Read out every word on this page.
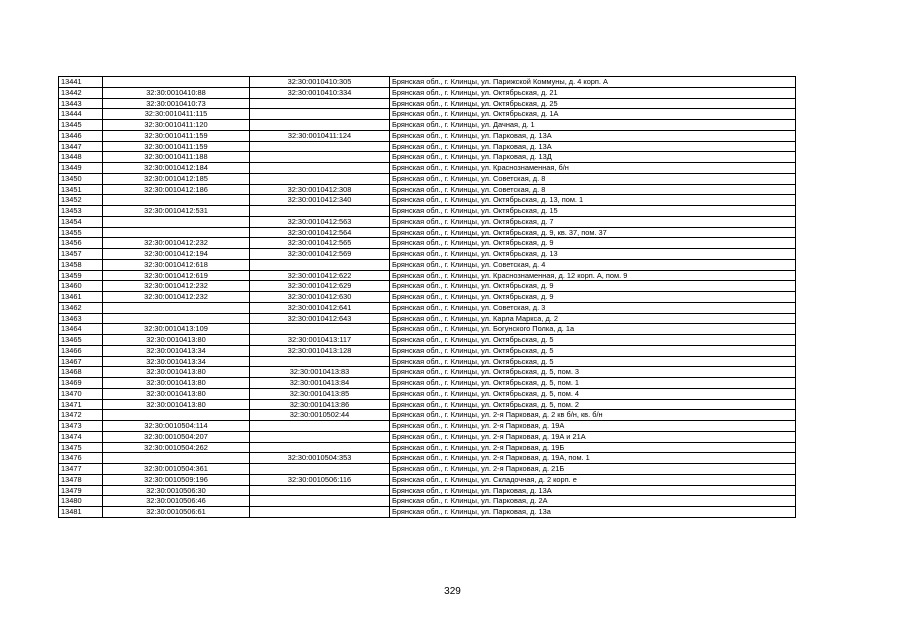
13441		32:30:0010410:305	Брянская обл., г. Клинцы, ул. Парижской Коммуны, д. 4 корп. А
13442	32:30:0010410:88	32:30:0010410:334	Брянская обл., г. Клинцы, ул. Октябрьская, д. 21
13443	32:30:0010410:73		Брянская обл., г. Клинцы, ул. Октябрьская, д. 25
13444	32:30:0010411:115		Брянская обл., г. Клинцы, ул. Октябрьская, д. 1А
13445	32:30:0010411:120		Брянская обл., г. Клинцы, ул. Дачная, д. 1
13446	32:30:0010411:159	32:30:0010411:124	Брянская обл., г. Клинцы, ул. Парковая, д. 13А
13447	32:30:0010411:159		Брянская обл., г. Клинцы, ул. Парковая, д. 13А
13448	32:30:0010411:188		Брянская обл., г. Клинцы, ул. Парковая, д. 13Д
13449	32:30:0010412:184		Брянская обл., г. Клинцы, ул. Краснознаменная, б/н
13450	32:30:0010412:185		Брянская обл., г. Клинцы, ул. Советская, д. 8
13451	32:30:0010412:186	32:30:0010412:308	Брянская обл., г. Клинцы, ул. Советская, д. 8
13452		32:30:0010412:340	Брянская обл., г. Клинцы, ул. Октябрьская, д. 13, пом. 1
13453	32:30:0010412:531		Брянская обл., г. Клинцы, ул. Октябрьская, д. 15
13454		32:30:0010412:563	Брянская обл., г. Клинцы, ул. Октябрьская, д. 7
13455		32:30:0010412:564	Брянская обл., г. Клинцы, ул. Октябрьская, д. 9, кв. 37, пом. 37
13456	32:30:0010412:232	32:30:0010412:565	Брянская обл., г. Клинцы, ул. Октябрьская, д. 9
13457	32:30:0010412:194	32:30:0010412:569	Брянская обл., г. Клинцы, ул. Октябрьская, д. 13
13458	32:30:0010412:618		Брянская обл., г. Клинцы, ул. Советская, д. 4
13459	32:30:0010412:619	32:30:0010412:622	Брянская обл., г. Клинцы, ул. Краснознаменная, д. 12 корп. А, пом. 9
13460	32:30:0010412:232	32:30:0010412:629	Брянская обл., г. Клинцы, ул. Октябрьская, д. 9
13461	32:30:0010412:232	32:30:0010412:630	Брянская обл., г. Клинцы, ул. Октябрьская, д. 9
13462		32:30:0010412:641	Брянская обл., г. Клинцы, ул. Советская, д. 3
13463		32:30:0010412:643	Брянская обл., г. Клинцы, ул. Карла Маркса, д. 2
13464	32:30:0010413:109		Брянская обл., г. Клинцы, ул. Богунского Полка, д. 1а
13465	32:30:0010413:80	32:30:0010413:117	Брянская обл., г. Клинцы, ул. Октябрьская, д. 5
13466	32:30:0010413:34	32:30:0010413:128	Брянская обл., г. Клинцы, ул. Октябрьская, д. 5
13467	32:30:0010413:34		Брянская обл., г. Клинцы, ул. Октябрьская, д. 5
13468	32:30:0010413:80	32:30:0010413:83	Брянская обл., г. Клинцы, ул. Октябрьская, д. 5, пом. 3
13469	32:30:0010413:80	32:30:0010413:84	Брянская обл., г. Клинцы, ул. Октябрьская, д. 5, пом. 1
13470	32:30:0010413:80	32:30:0010413:85	Брянская обл., г. Клинцы, ул. Октябрьская, д. 5, пом. 4
13471	32:30:0010413:80	32:30:0010413:86	Брянская обл., г. Клинцы, ул. Октябрьская, д. 5, пом. 2
13472		32:30:0010502:44	Брянская обл., г. Клинцы, ул. 2-я Парковая, д. 2 кв б/н, кв. б/н
13473	32:30:0010504:114		Брянская обл., г. Клинцы, ул. 2-я Парковая, д. 19А
13474	32:30:0010504:207		Брянская обл., г. Клинцы, ул. 2-я Парковая, д. 19А и 21А
13475	32:30:0010504:262		Брянская обл., г. Клинцы, ул. 2-я Парковая, д. 19Б
13476		32:30:0010504:353	Брянская обл., г. Клинцы, ул. 2-я Парковая, д. 19А, пом. 1
13477	32:30:0010504:361		Брянская обл., г. Клинцы, ул. 2-я Парковая, д. 21Б
13478	32:30:0010509:196	32:30:0010506:116	Брянская обл., г. Клинцы, ул. Складочная, д. 2 корп. е
13479	32:30:0010506:30		Брянская обл., г. Клинцы, ул. Парковая, д. 13А
13480	32:30:0010506:46		Брянская обл., г. Клинцы, ул. Парковая, д. 2А
13481	32:30:0010506:61		Брянская обл., г. Клинцы, ул. Парковая, д. 13а
329
